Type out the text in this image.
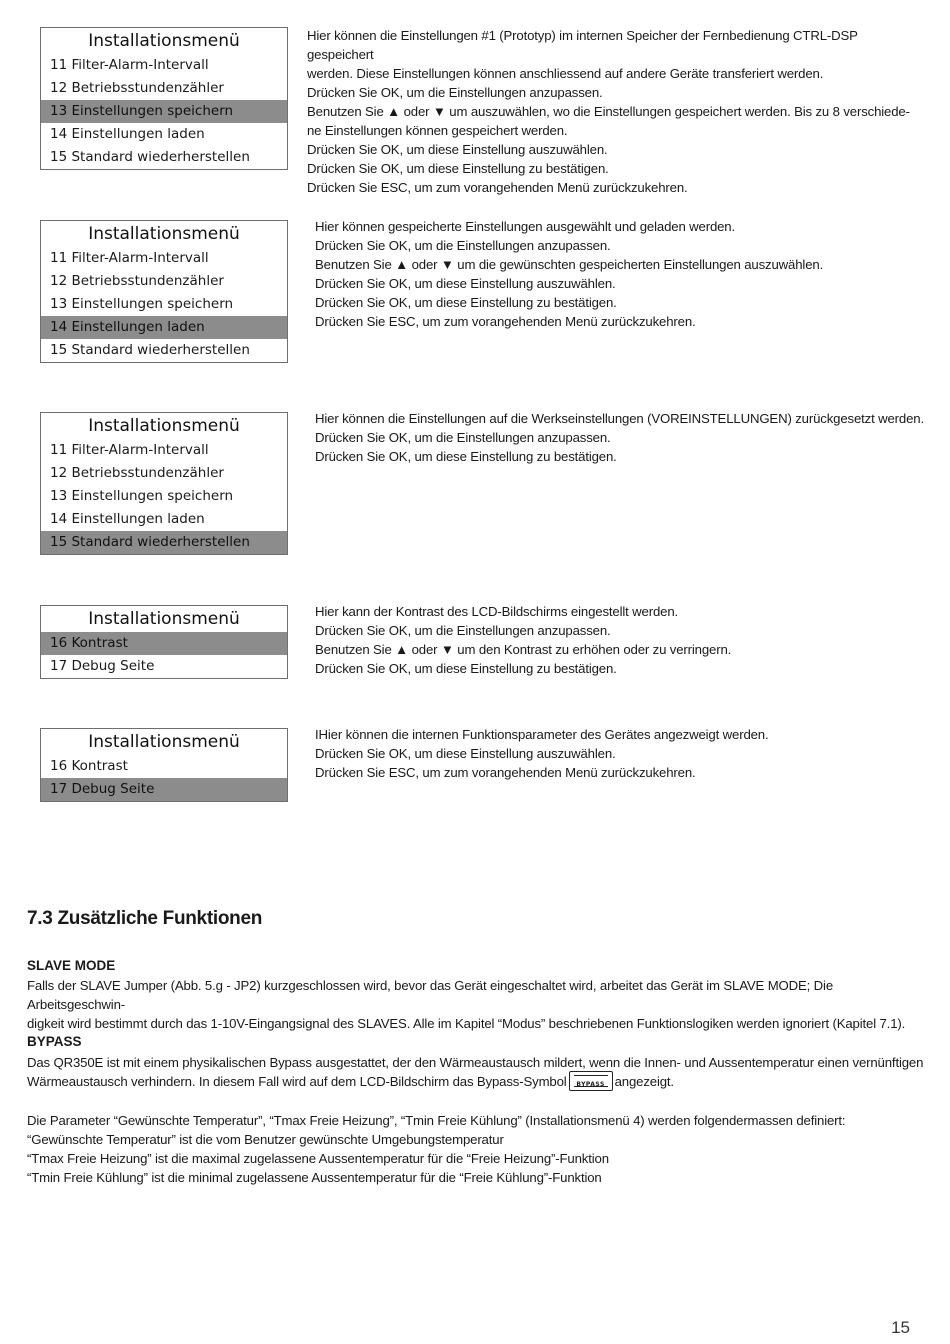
Installationsmenü
11 Filter-Alarm-Intervall
12 Betriebsstundenzähler
13 Einstellungen speichern
14 Einstellungen laden
15 Standard wiederherstellen

Hier können die Einstellungen #1 (Prototyp) im internen Speicher der Fernbedienung CTRL-DSP gespeichert

werden. Diese Einstellungen können anschliessend auf andere Geräte transferiert werden.

Drücken Sie OK, um die Einstellungen anzupassen.

Benutzen Sie ▲ oder ▼ um auszuwählen, wo die Einstellungen gespeichert werden. Bis zu 8 verschiede-

ne Einstellungen können gespeichert werden.

Drücken Sie OK, um diese Einstellung auszuwählen.

Drücken Sie OK, um diese Einstellung zu bestätigen.

Drücken Sie ESC, um zum vorangehenden Menü zurückzukehren.

Installationsmenü
11 Filter-Alarm-Intervall
12 Betriebsstundenzähler
13 Einstellungen speichern
14 Einstellungen laden
15 Standard wiederherstellen

Hier können gespeicherte Einstellungen ausgewählt und geladen werden.

Drücken Sie OK, um die Einstellungen anzupassen.

Benutzen Sie ▲ oder ▼ um die gewünschten gespeicherten Einstellungen auszuwählen.

Drücken Sie OK, um diese Einstellung auszuwählen.

Drücken Sie OK, um diese Einstellung zu bestätigen.

Drücken Sie ESC, um zum vorangehenden Menü zurückzukehren.

Installationsmenü
11 Filter-Alarm-Intervall
12 Betriebsstundenzähler
13 Einstellungen speichern
14 Einstellungen laden
15 Standard wiederherstellen

Hier können die Einstellungen auf die Werkseinstellungen (VOREINSTELLUNGEN) zurückgesetzt werden.

Drücken Sie OK, um die Einstellungen anzupassen.

Drücken Sie OK, um diese Einstellung zu bestätigen.

Installationsmenü
16 Kontrast
17 Debug Seite

Hier kann der Kontrast des LCD-Bildschirms eingestellt werden.

Drücken Sie OK, um die Einstellungen anzupassen.

Benutzen Sie ▲ oder ▼ um den Kontrast zu erhöhen oder zu verringern.

Drücken Sie OK, um diese Einstellung zu bestätigen.

Installationsmenü
16 Kontrast
17 Debug Seite

IHier können die internen Funktionsparameter des Gerätes angezweigt werden.

Drücken Sie OK, um diese Einstellung auszuwählen.

Drücken Sie ESC, um zum vorangehenden Menü zurückzukehren.

7.3 Zusätzliche Funktionen
SLAVE MODE

Falls der SLAVE Jumper (Abb. 5.g - JP2) kurzgeschlossen wird, bevor das Gerät eingeschaltet wird, arbeitet das Gerät im SLAVE MODE; Die Arbeitsgeschwin-

digkeit wird bestimmt durch das 1-10V-Eingangsignal des SLAVES. Alle im Kapitel “Modus” beschriebenen Funktionslogiken werden ignoriert (Kapitel 7.1).

BYPASS

Das QR350E ist mit einem physikalischen Bypass ausgestattet, der den Wärmeaustausch mildert, wenn die Innen- und Aussentemperatur einen vernünftigen

Wärmeaustausch verhindern. In diesem Fall wird auf dem LCD-Bildschirm das Bypass-Symbol	BYPASS angezeigt.

Die Parameter “Gewünschte Temperatur”, “Tmax Freie Heizung”, “Tmin Freie Kühlung” (Installationsmenü 4) werden folgendermassen definiert:

“Gewünschte Temperatur” ist die vom Benutzer gewünschte Umgebungstemperatur

“Tmax Freie Heizung” ist die maximal zugelassene Aussentemperatur für die “Freie Heizung”-Funktion

“Tmin Freie Kühlung” ist die minimal zugelassene Aussentemperatur für die “Freie Kühlung”-Funktion

15
